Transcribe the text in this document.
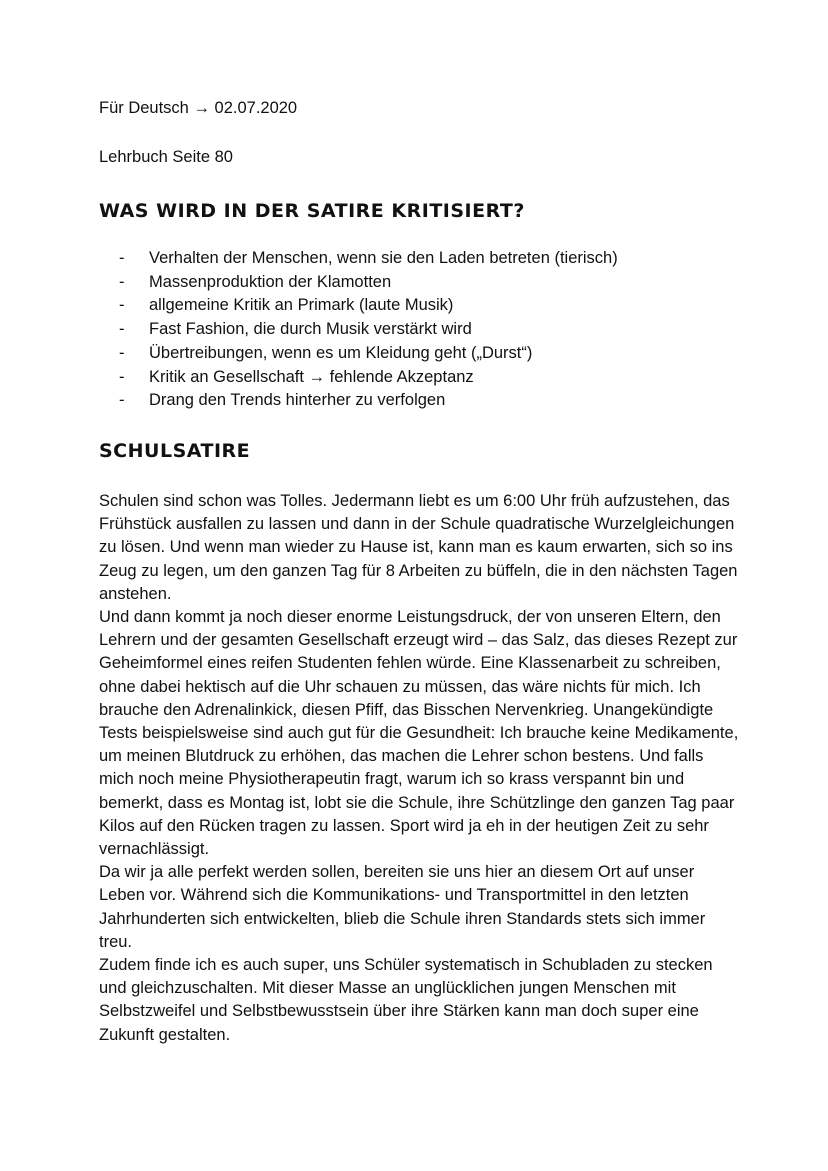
Für Deutsch → 02.07.2020
Lehrbuch Seite 80
WAS WIRD IN DER SATIRE KRITISIERT?
- Verhalten der Menschen, wenn sie den Laden betreten (tierisch)
- Massenproduktion der Klamotten
- allgemeine Kritik an Primark (laute Musik)
- Fast Fashion, die durch Musik verstärkt wird
- Übertreibungen, wenn es um Kleidung geht („Durst“)
- Kritik an Gesellschaft → fehlende Akzeptanz
- Drang den Trends hinterher zu verfolgen
SCHULSATIRE

Schulen sind schon was Tolles. Jedermann liebt es um 6:00 Uhr früh aufzustehen, das Frühstück ausfallen zu lassen und dann in der Schule quadratische Wurzelgleichungen zu lösen. Und wenn man wieder zu Hause ist, kann man es kaum erwarten, sich so ins Zeug zu legen, um den ganzen Tag für 8 Arbeiten zu büffeln, die in den nächsten Tagen anstehen.

Und dann kommt ja noch dieser enorme Leistungsdruck, der von unseren Eltern, den Lehrern und der gesamten Gesellschaft erzeugt wird – das Salz, das dieses Rezept zur Geheimformel eines reifen Studenten fehlen würde. Eine Klassenarbeit zu schreiben, ohne dabei hektisch auf die Uhr schauen zu müssen, das wäre nichts für mich. Ich brauche den Adrenalinkick, diesen Pfiff, das Bisschen Nervenkrieg. Unangekündigte Tests beispielsweise sind auch gut für die Gesundheit: Ich brauche keine Medikamente, um meinen Blutdruck zu erhöhen, das machen die Lehrer schon bestens. Und falls mich noch meine Physiotherapeutin fragt, warum ich so krass verspannt bin und bemerkt, dass es Montag ist, lobt sie die Schule, ihre Schützlinge den ganzen Tag paar Kilos auf den Rücken tragen zu lassen. Sport wird ja eh in der heutigen Zeit zu sehr vernachlässigt.

Da wir ja alle perfekt werden sollen, bereiten sie uns hier an diesem Ort auf unser Leben vor. Während sich die Kommunikations- und Transportmittel in den letzten Jahrhunderten sich entwickelten, blieb die Schule ihren Standards stets sich immer treu.

Zudem finde ich es auch super, uns Schüler systematisch in Schubladen zu stecken und gleichzuschalten. Mit dieser Masse an unglücklichen jungen Menschen mit Selbstzweifel und Selbstbewusstsein über ihre Stärken kann man doch super eine Zukunft gestalten.
